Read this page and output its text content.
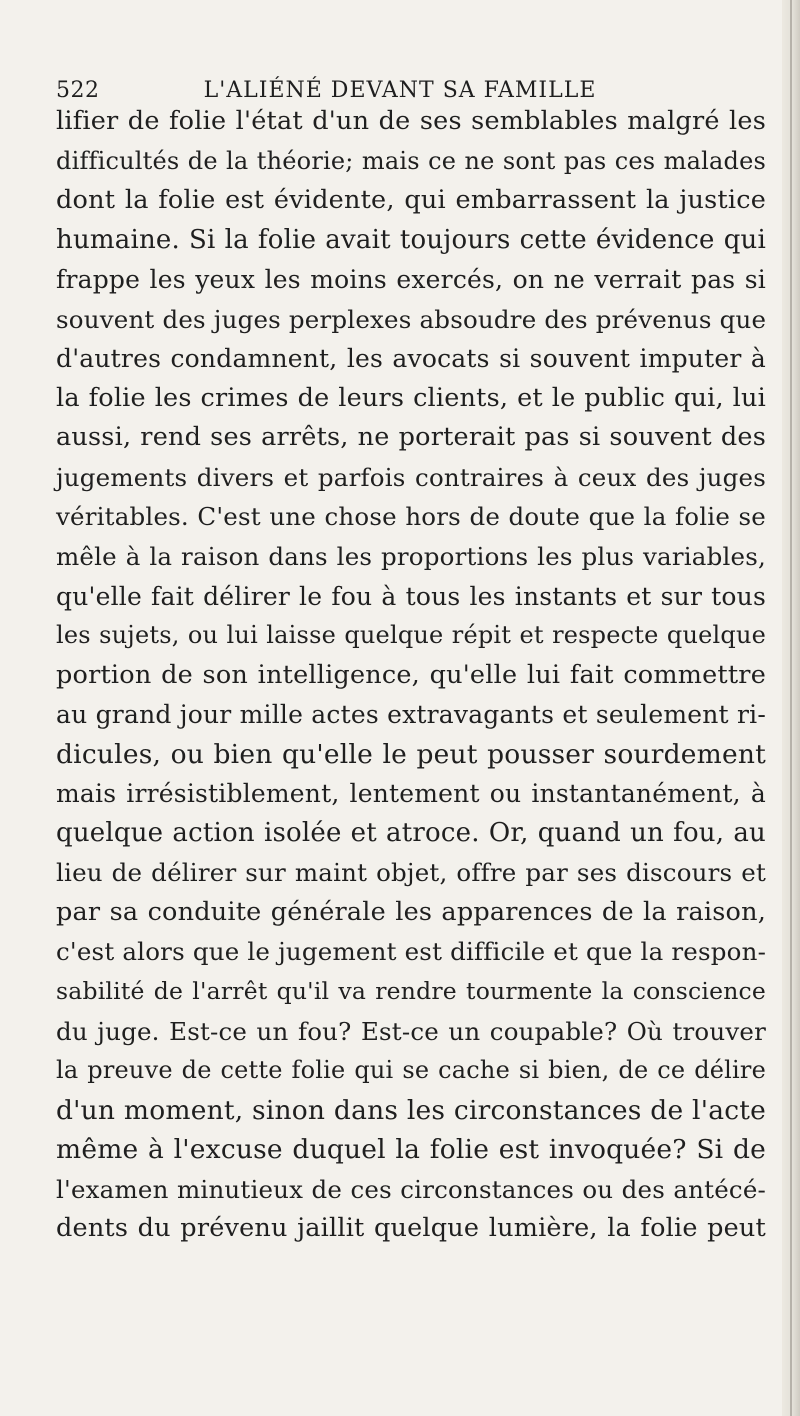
522	L'ALIÉNÉ DEVANT SA FAMILLE
lifier de folie l'état d'un de ses semblables malgré les
difficultés de la théorie; mais ce ne sont pas ces malades
dont la folie est évidente, qui embarrassent la justice
humaine. Si la folie avait toujours cette évidence qui
frappe les yeux les moins exercés, on ne verrait pas si
souvent des juges perplexes absoudre des prévenus que
d'autres condamnent, les avocats si souvent imputer à
la folie les crimes de leurs clients, et le public qui, lui
aussi, rend ses arrêts, ne porterait pas si souvent des
jugements divers et parfois contraires à ceux des juges
véritables. C'est une chose hors de doute que la folie se
mêle à la raison dans les proportions les plus variables,
qu'elle fait délirer le fou à tous les instants et sur tous
les sujets, ou lui laisse quelque répit et respecte quelque
portion de son intelligence, qu'elle lui fait commettre
au grand jour mille actes extravagants et seulement ri-
dicules, ou bien qu'elle le peut pousser sourdement
mais irrésistiblement, lentement ou instantanément, à
quelque action isolée et atroce. Or, quand un fou, au
lieu de délirer sur maint objet, offre par ses discours et
par sa conduite générale les apparences de la raison,
c'est alors que le jugement est difficile et que la respon-
sabilité de l'arrêt qu'il va rendre tourmente la conscience
du juge. Est-ce un fou? Est-ce un coupable? Où trouver
la preuve de cette folie qui se cache si bien, de ce délire
d'un moment, sinon dans les circonstances de l'acte
même à l'excuse duquel la folie est invoquée? Si de
l'examen minutieux de ces circonstances ou des antécé-
dents du prévenu jaillit quelque lumière, la folie peut
